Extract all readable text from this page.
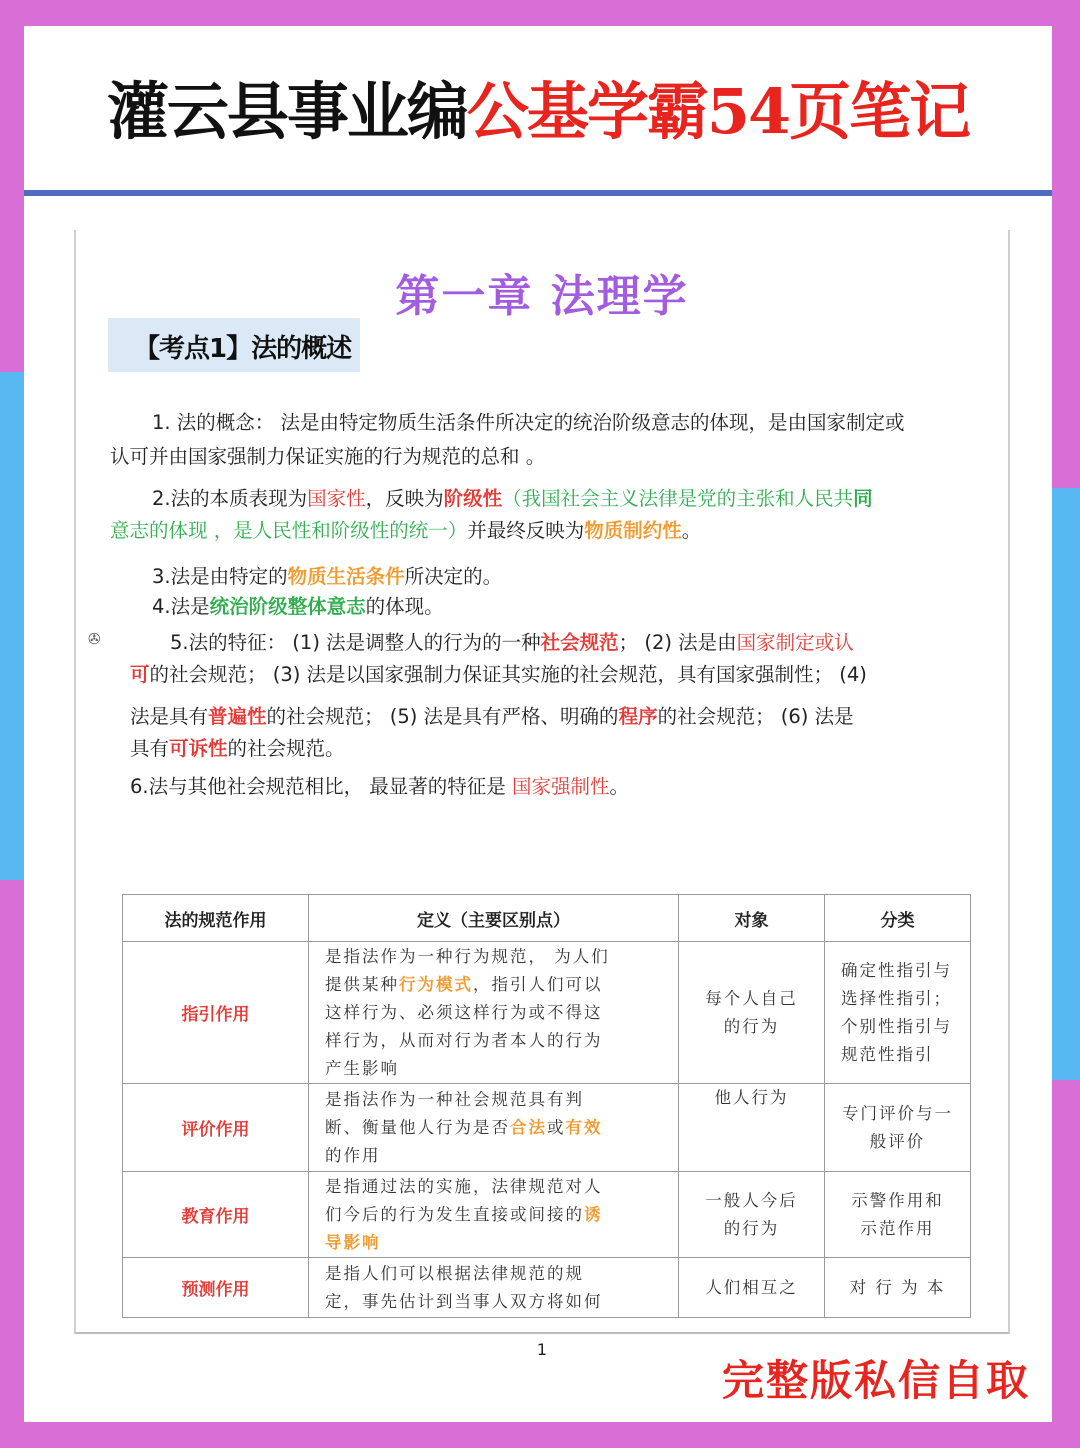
灌云县事业编公基学霸54页笔记
第一章 法理学
【考点1】法的概述
1. 法的概念： 法是由特定物质生活条件所决定的统治阶级意志的体现，是由国家制定或
认可并由国家强制力保证实施的行为规范的总和 。
2.法的本质表现为国家性，反映为阶级性（我国社会主义法律是党的主张和人民共同
意志的体现 ，是人民性和阶级性的统一）并最终反映为物质制约性。
3.法是由特定的物质生活条件所决定的。
4.法是统治阶级整体意志的体现。
✇	5.法的特征： (1) 法是调整人的行为的一种社会规范； (2) 法是由国家制定或认
可的社会规范； (3) 法是以国家强制力保证其实施的社会规范，具有国家强制性； (4)
法是具有普遍性的社会规范； (5) 法是具有严格、明确的程序的社会规范； (6) 法是
具有可诉性的社会规范。
6.法与其他社会规范相比， 最显著的特征是 国家强制性。
法的规范作用	定义（主要区别点）	对象	分类
指引作用	是指法作为一种行为规范， 为人们
提供某种行为模式，指引人们可以
这样行为、必须这样行为或不得这
样行为，从而对行为者本人的行为
产生影响	每个人自己
的行为	确定性指引与
选择性指引；
个别性指引与
规范性指引
评价作用	是指法作为一种社会规范具有判
断、衡量他人行为是否合法或有效
的作用	他人行为	专门评价与一
般评价
教育作用	是指通过法的实施，法律规范对人
们今后的行为发生直接或间接的诱
导影响	一般人今后
的行为	示警作用和
示范作用
预测作用	是指人们可以根据法律规范的规
定，事先估计到当事人双方将如何	人们相互之	对 行 为 本
1
完整版私信自取
